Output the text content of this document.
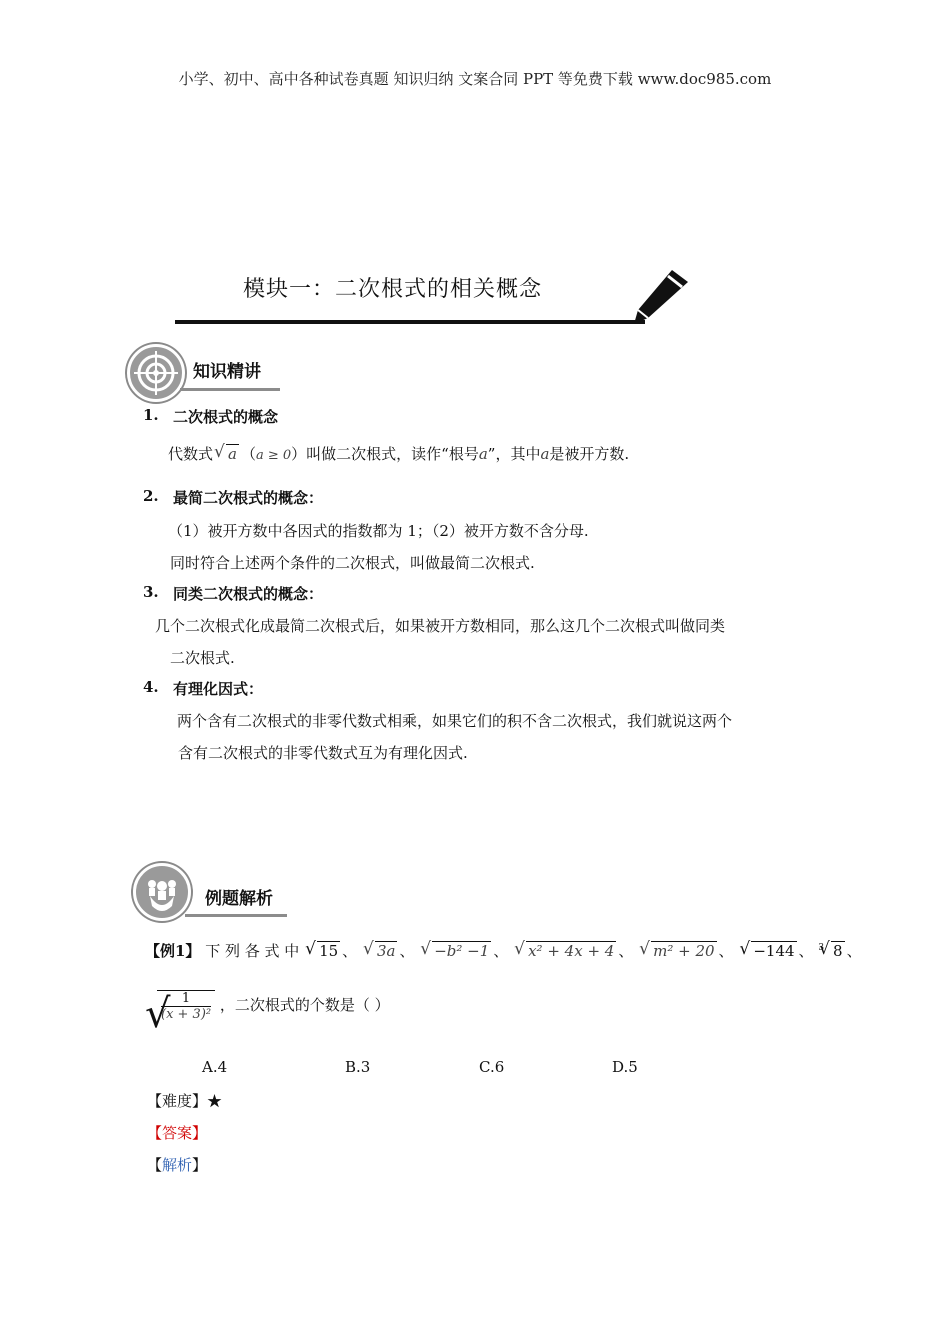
小学、初中、高中各种试卷真题 知识归纳 文案合同 PPT 等免费下载 www.doc985.com
模块一：二次根式的相关概念
知识精讲
1. 二次根式的概念
代数式 √ a （a ≥ 0）叫做二次根式，读作“根号a”，其中a是被开方数.
2. 最简二次根式的概念：
（1）被开方数中各因式的指数都为 1；（2）被开方数不含分母.
同时符合上述两个条件的二次根式，叫做最简二次根式.
3. 同类二次根式的概念：
几个二次根式化成最简二次根式后，如果被开方数相同，那么这几个二次根式叫做同类
二次根式.
4. 有理化因式：
两个含有二次根式的非零代数式相乘，如果它们的积不含二次根式，我们就说这两个
含有二次根式的非零代数式互为有理化因式.
例题解析
【例1】 下 列 各 式 中 √ 15 、 √ 3a 、 √ −b² −1 、 √ x² + 4x + 4 、 √ m² + 20 、 √ −144 、 $^3$ √ 8 、
√
$\frac{1}{\text{(x + 3)²}}$ ，二次根式的个数是（ ）
A.4	B.3	C.6	D.5
【难度】★
【答案】
【解析】
